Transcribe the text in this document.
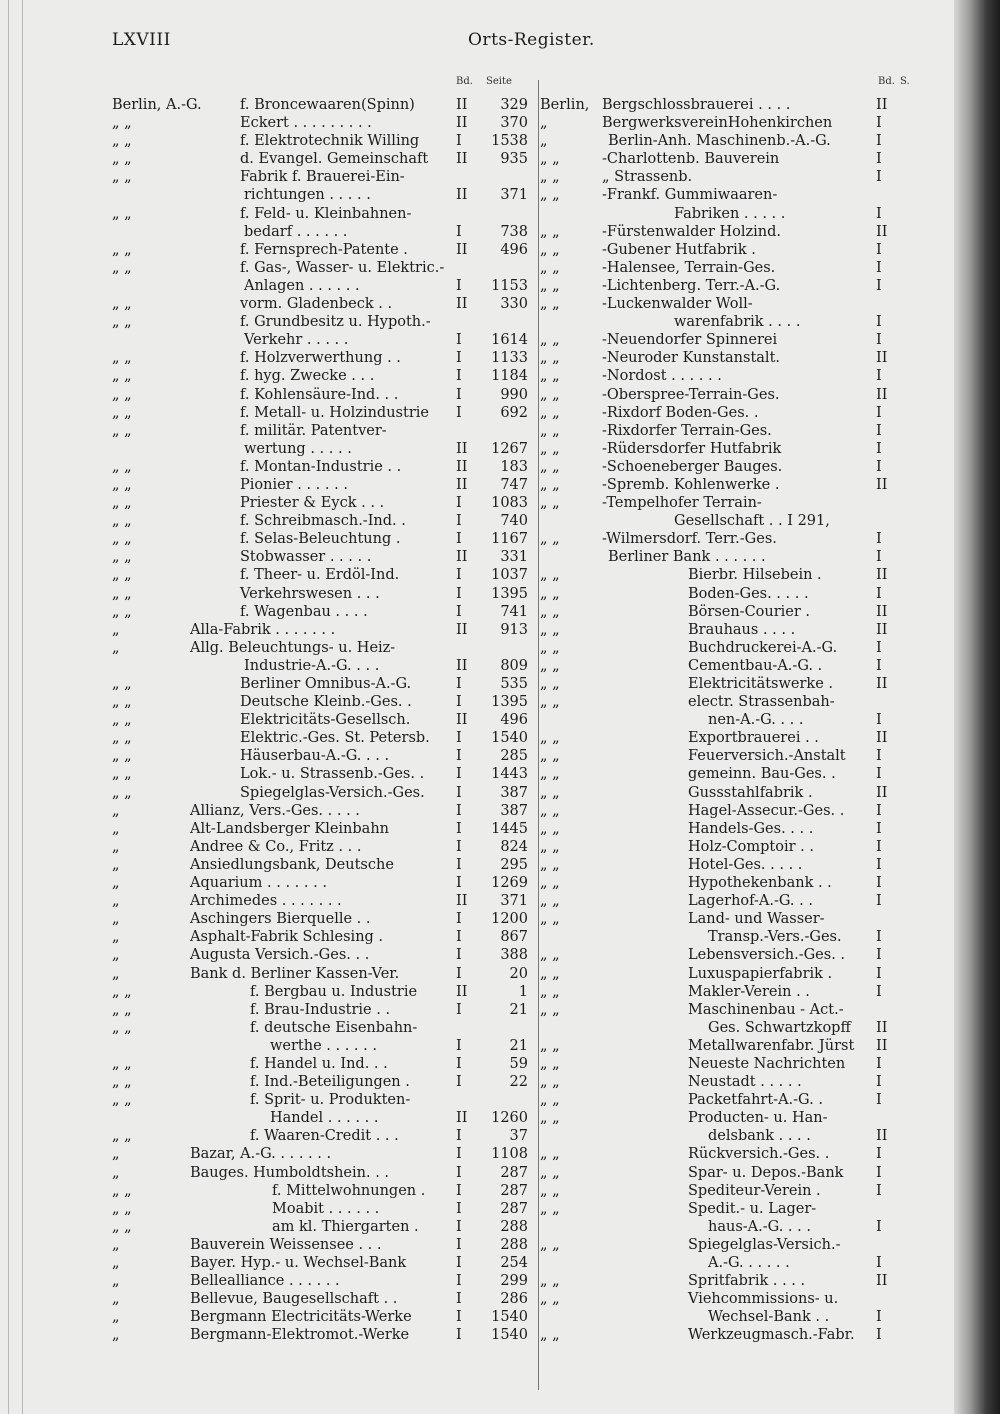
LXVIII	Orts-Register.
Bd. Seite	Bd. S.
Berlin, A.-G.	f. Broncewaaren(Spinn)	II	329
„ „	Eckert . . . . . . . . .	II	370
„ „	f. Elektrotechnik Willing	I	1538
„ „	d. Evangel. Gemeinschaft II	935
„ „	Fabrik f. Brauerei-Ein-
richtungen . . . . .	II	371
„ „	f. Feld- u. Kleinbahnen-
bedarf . . . . . .	I	738
„ „	f. Fernsprech-Patente .	II	496
„ „	f. Gas-, Wasser- u. Elektric.-
Anlagen . . . . . .	I	1153
„ „	vorm. Gladenbeck . .	II	330
„ „	f. Grundbesitz u. Hypoth.-
Verkehr . . . . .	I	1614
„ „	f. Holzverwerthung . .	I	1133
„ „	f. hyg. Zwecke . . .	I	1184
„ „	f. Kohlensäure-Ind. . .	I	990
„ „	f. Metall- u. Holzindustrie I	692
„ „	f. militär. Patentver-
wertung . . . . .	II	1267
„ „	f. Montan-Industrie . .	II	183
„ „	Pionier . . . . . .	II	747
„ „	Priester & Eyck . . .	I	1083
„ „	f. Schreibmasch.-Ind. .	I	740
„ „	f. Selas-Beleuchtung .	I	1167
„ „	Stobwasser . . . . .	II	331
„ „	f. Theer- u. Erdöl-Ind.	I	1037
„ „	Verkehrswesen . . .	I	1395
„ „	f. Wagenbau . . . .	I	741
„	Alla-Fabrik . . . . . . .	II	913
„	Allg. Beleuchtungs- u. Heiz-
Industrie-A.-G. . . .	II	809
„ „	Berliner Omnibus-A.-G.	I	535
„ „	Deutsche Kleinb.-Ges. .	I	1395
„ „	Elektricitäts-Gesellsch.	II	496
„ „	Elektric.-Ges. St. Petersb. I	1540
„ „	Häuserbau-A.-G. . . .	I	285
„ „	Lok.- u. Strassenb.-Ges. . I	1443
„ „	Spiegelglas-Versich.-Ges. I	387
„	Allianz, Vers.-Ges. . . . .	I	387
„	Alt-Landsberger Kleinbahn	I	1445
„	Andree & Co., Fritz . . .	I	824
„	Ansiedlungsbank, Deutsche	I	295
„	Aquarium . . . . . . .	I	1269
„	Archimedes . . . . . . .	II	371
„	Aschingers Bierquelle . .	I	1200
„	Asphalt-Fabrik Schlesing .	I	867
„	Augusta Versich.-Ges. . .	I	388
„	Bank d. Berliner Kassen-Ver.	I	20
„ „	f. Bergbau u. Industrie	II	1
„ „	f. Brau-Industrie . .	I	21
„ „	f. deutsche Eisenbahn-
werthe . . . . . .	I	21
„ „	f. Handel u. Ind. . .	I	59
„ „	f. Ind.-Beteiligungen .	I	22
„ „	f. Sprit- u. Produkten-
Handel . . . . . .	II	1260
„ „	f. Waaren-Credit . . .	I	37
„	Bazar, A.-G. . . . . . .	I	1108
„	Bauges. Humboldtshein. . .	I	287
„ „	f. Mittelwohnungen . I	287
„ „	Moabit . . . . . .	I	287
„ „	am kl. Thiergarten .	I	288
„	Bauverein Weissensee . . .	I	288
„	Bayer. Hyp.- u. Wechsel-Bank	I	254
„	Bellealliance . . . . . .	I	299
„	Bellevue, Baugesellschaft . .	I	286
„	Bergmann Electricitäts-Werke	I	1540
„	Bergmann-Elektromot.-Werke	I	1540
Berlin, Bergschlossbrauerei . . . .	II
„	BergwerksvereinHohenkirchen	I
„	Berlin-Anh. Maschinenb.-A.-G.	I
„ „	-Charlottenb. Bauverein	I
„ „	„ Strassenb.	I
„ „	-Frankf. Gummiwaaren-
Fabriken . . . . .	I
„ „	-Fürstenwalder Holzind.	II
„ „	-Gubener Hutfabrik .	I
„ „	-Halensee, Terrain-Ges.	I
„ „	-Lichtenberg. Terr.-A.-G.	I
„ „	-Luckenwalder Woll-
warenfabrik . . . .	I
„ „	-Neuendorfer Spinnerei	I
„ „	-Neuroder Kunstanstalt.	II
„ „	-Nordost . . . . . .	I
„ „	-Oberspree-Terrain-Ges.	II
„ „	-Rixdorf Boden-Ges. .	I
„ „	-Rixdorfer Terrain-Ges.	I
„ „	-Rüdersdorfer Hutfabrik	I
„ „	-Schoeneberger Bauges.	I
„ „	-Spremb. Kohlenwerke .	II
„ „	-Tempelhofer Terrain-
Gesellschaft . . I 291,
„ „	-Wilmersdorf. Terr.-Ges.	I
Berliner Bank . . . . . .	I
„ „	Bierbr. Hilsebein .	II
„ „	Boden-Ges. . . . .	I
„ „	Börsen-Courier .	II
„ „	Brauhaus . . . .	II
„ „	Buchdruckerei-A.-G.	I
„ „	Cementbau-A.-G. .	I
„ „	Elektricitätswerke .	II
„ „	electr. Strassenbah-
nen-A.-G. . . .	I
„ „	Exportbrauerei . .	II
„ „	Feuerversich.-Anstalt I
„ „	gemeinn. Bau-Ges. .	I
„ „	Gussstahlfabrik .	II
„ „	Hagel-Assecur.-Ges. . I
„ „	Handels-Ges. . . .	I
„ „	Holz-Comptoir . .	I
„ „	Hotel-Ges. . . . .	I
„ „	Hypothekenbank . .	I
„ „	Lagerhof-A.-G. . .	I
„ „	Land- und Wasser-
Transp.-Vers.-Ges. I
„ „	Lebensversich.-Ges. . I
„ „	Luxuspapierfabrik .	I
„ „	Makler-Verein . .	I
„ „	Maschinenbau - Act.-
Ges. Schwartzkopff II
„ „	Metallwarenfabr. Jürst II
„ „	Neueste Nachrichten I
„ „	Neustadt . . . . .	I
„ „	Packetfahrt-A.-G. .	I
„ „	Producten- u. Han-
delsbank . . . .	II
„ „	Rückversich.-Ges. .	I
„ „	Spar- u. Depos.-Bank I
„ „	Spediteur-Verein .	I
„ „	Spedit.- u. Lager-
haus-A.-G. . . .	I
„ „	Spiegelglas-Versich.-
A.-G. . . . . .	I
„ „	Spritfabrik . . . .	II
„ „	Viehcommissions- u.
Wechsel-Bank . .	I
„ „	Werkzeugmasch.-Fabr. I
